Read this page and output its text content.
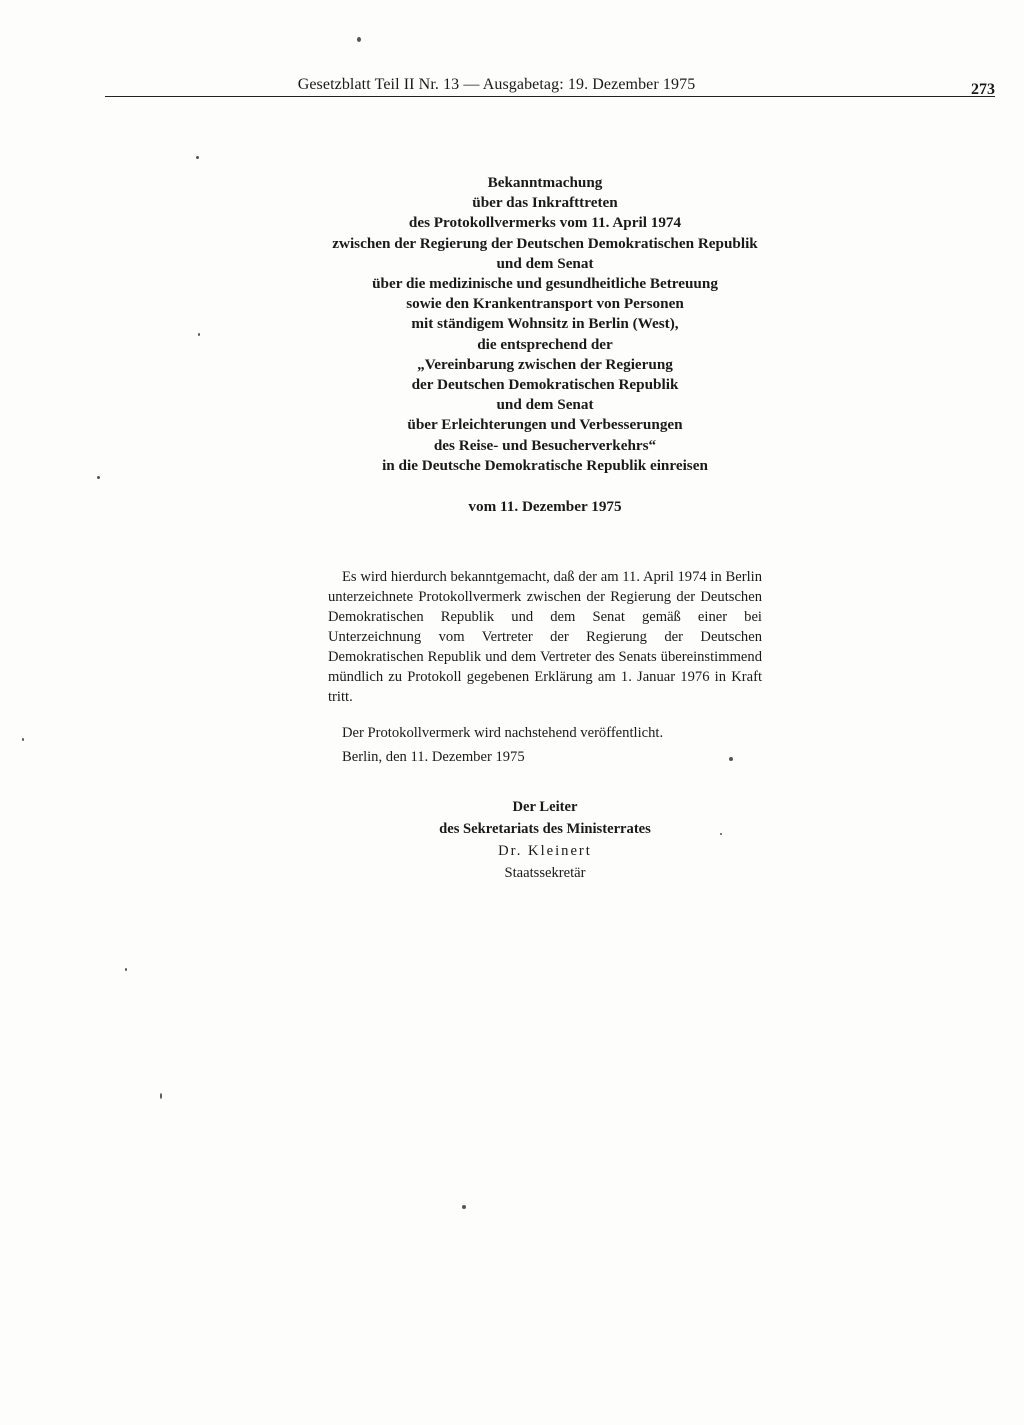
Gesetzblatt Teil II Nr. 13 — Ausgabetag: 19. Dezember 1975	273
Bekanntmachung
über das Inkrafttreten
des Protokollvermerks vom 11. April 1974
zwischen der Regierung der Deutschen Demokratischen Republik
und dem Senat
über die medizinische und gesundheitliche Betreuung
sowie den Krankentransport von Personen
mit ständigem Wohnsitz in Berlin (West),
die entsprechend der
„Vereinbarung zwischen der Regierung
der Deutschen Demokratischen Republik
und dem Senat
über Erleichterungen und Verbesserungen
des Reise- und Besucherverkehrs“
in die Deutsche Demokratische Republik einreisen
vom 11. Dezember 1975

Es wird hierdurch bekanntgemacht, daß der am 11. April 1974 in Berlin unterzeichnete Protokollvermerk zwischen der Regierung der Deutschen Demokratischen Republik und dem Senat gemäß einer bei Unterzeichnung vom Vertreter der Regierung der Deutschen Demokratischen Republik und dem Vertreter des Senats übereinstimmend mündlich zu Protokoll gegebenen Erklärung am 1. Januar 1976 in Kraft tritt.

Der Protokollvermerk wird nachstehend veröffentlicht.

Berlin, den 11. Dezember 1975
Der Leiter
des Sekretariats des Ministerrates
Dr. Kleinert
Staatssekretär
